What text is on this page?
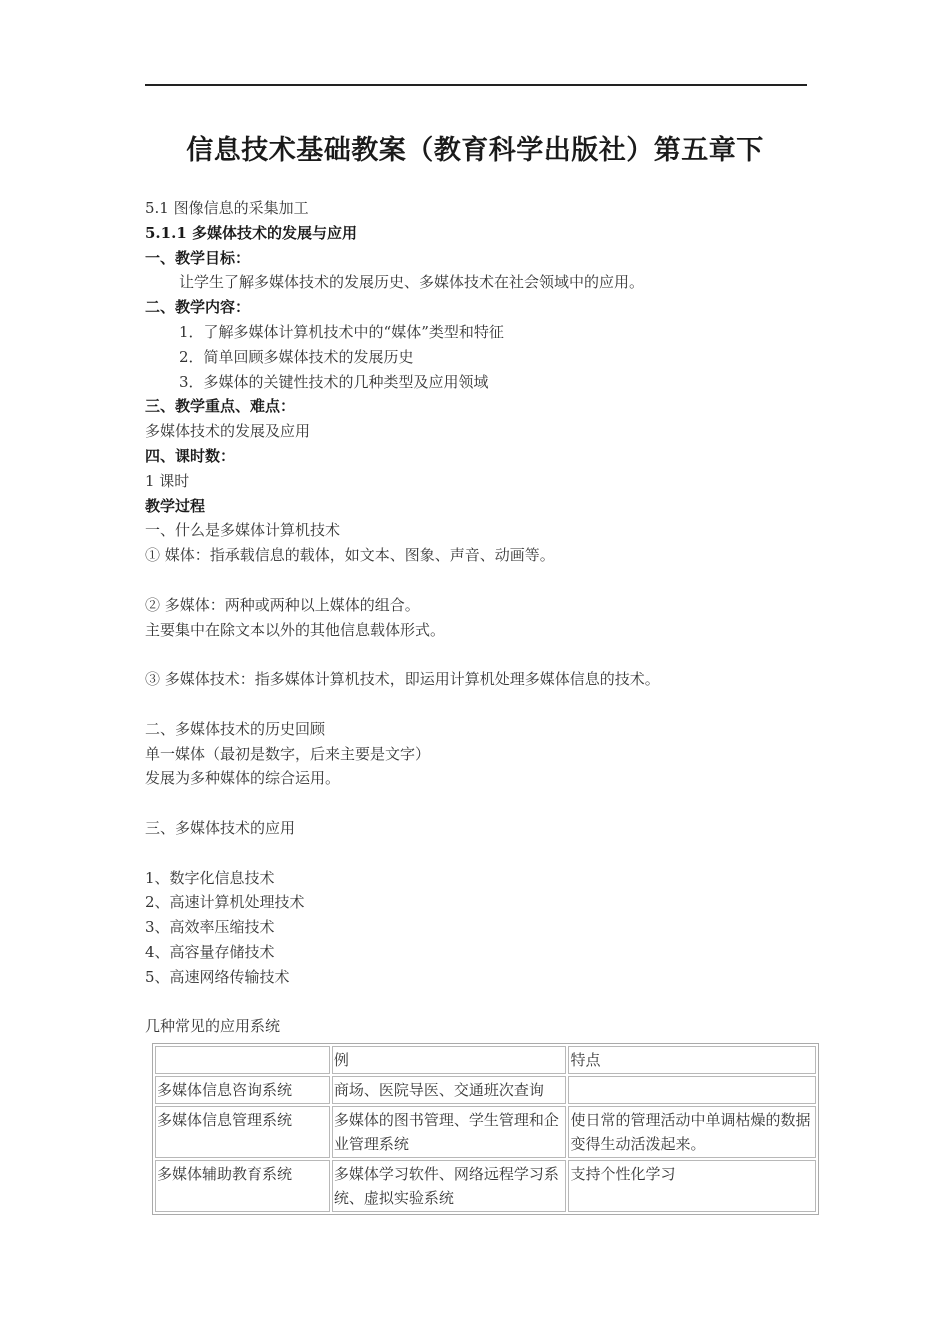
信息技术基础教案（教育科学出版社）第五章下
5.1 图像信息的采集加工
5.1.1 多媒体技术的发展与应用
一、教学目标：
让学生了解多媒体技术的发展历史、多媒体技术在社会领域中的应用。
二、教学内容：
1．了解多媒体计算机技术中的“媒体”类型和特征
2．简单回顾多媒体技术的发展历史
3．多媒体的关键性技术的几种类型及应用领域
三、教学重点、难点：
多媒体技术的发展及应用
四、课时数：
1 课时
教学过程
一、什么是多媒体计算机技术
① 媒体：指承载信息的载体，如文本、图象、声音、动画等。
② 多媒体：两种或两种以上媒体的组合。
主要集中在除文本以外的其他信息载体形式。
③ 多媒体技术：指多媒体计算机技术，即运用计算机处理多媒体信息的技术。
二、多媒体技术的历史回顾
单一媒体（最初是数字，后来主要是文字）
发展为多种媒体的综合运用。
三、多媒体技术的应用
1、数字化信息技术
2、高速计算机处理技术
3、高效率压缩技术
4、高容量存储技术
5、高速网络传输技术
几种常见的应用系统
	例	特点
多媒体信息咨询系统	商场、医院导医、交通班次查询	
多媒体信息管理系统	多媒体的图书管理、学生管理和企业管理系统	使日常的管理活动中单调枯燥的数据变得生动活泼起来。
多媒体辅助教育系统	多媒体学习软件、网络远程学习系统、虚拟实验系统	支持个性化学习
